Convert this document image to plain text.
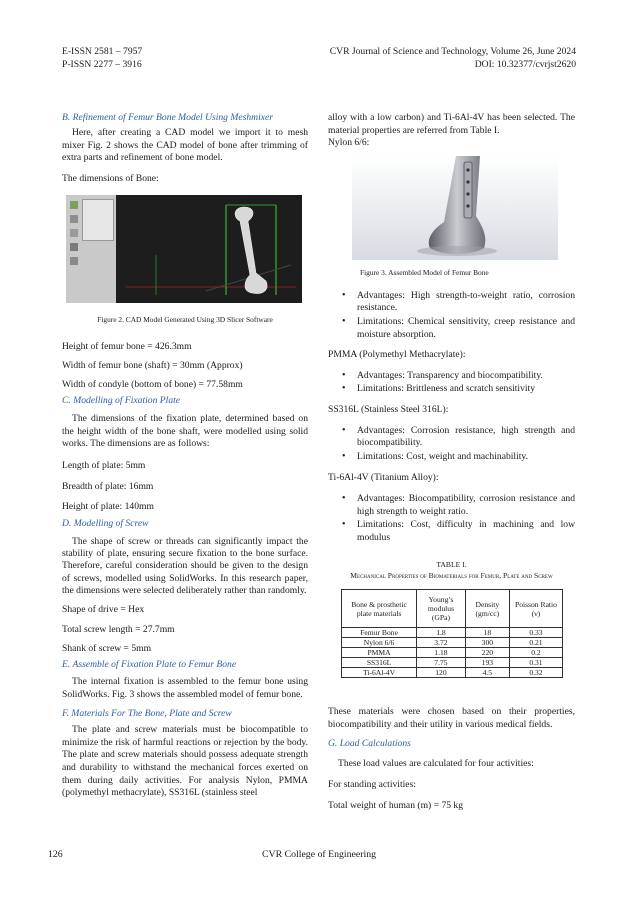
E-ISSN 2581 – 7957
P-ISSN 2277 – 3916
CVR Journal of Science and Technology, Volume 26, June 2024
DOI: 10.32377/cvrjst2620

B. Refinement of Femur Bone Model Using Meshmixer

Here, after creating a CAD model we import it to mesh mixer Fig. 2 shows the CAD model of bone after trimming of extra parts and refinement of bone model.

The dimensions of Bone:

Figure 2. CAD Model Generated Using 3D Slicer Software

Height of femur bone = 426.3mm

Width of femur bone (shaft) = 30mm (Approx)

Width of condyle (bottom of bone) = 77.58mm

C. Modelling of Fixation Plate

The dimensions of the fixation plate, determined based on the height width of the bone shaft, were modelled using solid works. The dimensions are as follows:

Length of plate: 5mm

Breadth of plate: 16mm

Height of plate: 140mm

D. Modelling of Screw

The shape of screw or threads can significantly impact the stability of plate, ensuring secure fixation to the bone surface. Therefore, careful consideration should be given to the design of screws, modelled using SolidWorks. In this research paper, the dimensions were selected deliberately rather than randomly.

Shape of drive = Hex

Total screw length = 27.7mm

Shank of screw = 5mm

E. Assemble of Fixation Plate to Femur Bone

The internal fixation is assembled to the femur bone using SolidWorks. Fig. 3 shows the assembled model of femur bone.

F. Materials For The Bone, Plate and Screw

The plate and screw materials must be biocompatible to minimize the risk of harmful reactions or rejection by the body. The plate and screw materials should possess adequate strength and durability to withstand the mechanical forces exerted on them during daily activities. For analysis Nylon, PMMA (polymethyl methacrylate), SS316L (stainless steel

alloy with a low carbon) and Ti-6Al-4V has been selected. The material properties are referred from Table I.

Nylon 6/6:

Figure 3. Assembled Model of Femur Bone

• Advantages: High strength-to-weight ratio, corrosion resistance.
• Limitations: Chemical sensitivity, creep resistance and moisture absorption.

PMMA (Polymethyl Methacrylate):

• Advantages: Transparency and biocompatibility.
• Limitations: Brittleness and scratch sensitivity

SS316L (Stainless Steel 316L):

• Advantages: Corrosion resistance, high strength and biocompatibility.
• Limitations: Cost, weight and machinability.

Ti-6Al-4V (Titanium Alloy):

• Advantages: Biocompatibility, corrosion resistance and high strength to weight ratio.
• Limitations: Cost, difficulty in machining and low modulus

TABLE I.

Mechanical Properties of Biomaterials for Femur, Plate and Screw

Bone & prosthetic plate materials	Young’s modulus (GPa)	Density (gm/cc)	Poisson Ratio (ν)
Femur Bone	1.8	18	0.33
Nylon 6/6	3.72	300	0.21
PMMA	1.18	220	0.2
SS316L	7.75	193	0.31
Ti-6Al-4V	120	4.5	0.32

These materials were chosen based on their properties, biocompatibility and their utility in various medical fields.

G. Load Calculations

These load values are calculated for four activities:

For standing activities:

Total weight of human (m) = 75 kg

126	CVR College of Engineering
